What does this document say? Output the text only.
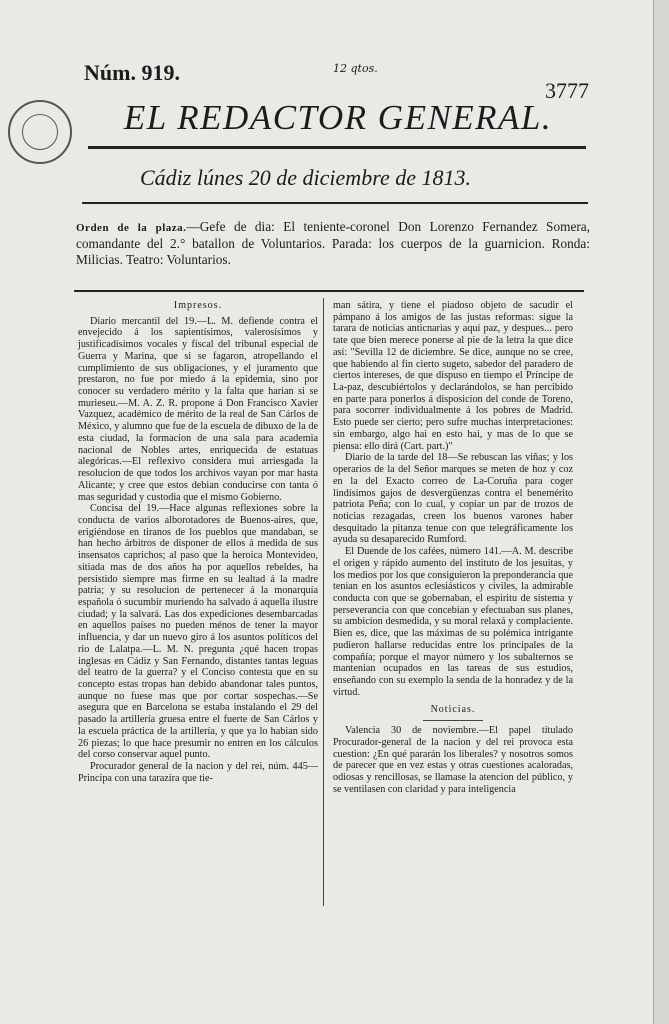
Núm. 919.	12 qtos.
3777
EL REDACTOR GENERAL.
Cádiz lúnes 20 de diciembre de 1813.
Orden de la plaza.—Gefe de dia: El teniente-coronel Don Lorenzo Fernandez Somera, comandante del 2.° batallon de Voluntarios. Parada: los cuerpos de la guarnicion. Ronda: Milicias. Teatro: Voluntarios.
Impresos.

Diario mercantil del 19.—L. M. defiende contra el envejecido á los sapientísimos, valerosísimos y justificadísimos vocales y fiscal del tribunal especial de Guerra y Marina, que si se fagaron, atropellando el cumplimiento de sus obligaciones, y el juramento que prestaron, no fue por miedo á la epidemia, sino por conocer su verdadero mérito y la falta que harian si se murieseu.—M. A. Z. R. propone á Don Francisco Xavier Vazquez, académico de mérito de la real de San Cárlos de México, y alumno que fue de la escuela de dibuxo de la de esta ciudad, la formacion de una sala para academia nacional de Nobles artes, enriquecida de estatuas alegóricas.—El reflexivo considera mui arriesgada la resolucion de que todos los archivos vayan por mar hasta Alicante; y cree que estos debian conducirse con tanta ó mas seguridad y custodia que el mismo Gobierno.

Concisa del 19.—Hace algunas reflexiones sobre la conducta de varios alborotadores de Buenos-aires, que, erigiéndose en tiranos de los pueblos que mandaban, se han hecho árbitros de disponer de ellos á medida de sus insensatos caprichos; al paso que la heroica Montevideo, sitiada mas de dos años ha por aquellos rebeldes, ha persistido siempre mas firme en su lealtad á la madre patria; y su resolucion de pertenecer á la monarquía española ó sucumbir muriendo ha salvado á aquella ilustre ciudad; y la salvará. Las dos expediciones desembarcadas en aquellos países no pueden ménos de tener la mayor influencia, y dar un nuevo giro á los asuntos políticos del rio de Lalatpa.—L. M. N. pregunta ¿qué hacen tropas inglesas en Cádiz y San Fernando, distantes tantas leguas del teatro de la guerra? y el Conciso contesta que en su concepto estas tropas han debido abandonar tales puntos, aunque no fuese mas que por cortar sospechas.—Se asegura que en Barcelona se estaba instalando el 29 del pasado la artillería gruesa entre el fuerte de San Cárlos y la escuela práctica de la artillería, y que ya lo habian sido 26 piezas; lo que hace presumir no entren en los cálculos del corso conservar aquel punto.

Procurador general de la nacion y del rei, núm. 445—Principa con una tarazira que tie-

man sátira, y tiene el piadoso objeto de sacudir el pámpano á los amigos de las justas reformas: sigue la tarara de noticias anticnarias y aquí paz, y despues... pero tate que bien merece ponerse al pie de la letra la que dice así: "Sevilla 12 de diciembre. Se dice, aunque no se cree, que habiendo al fin cierto sugeto, sabedor del paradero de ciertos intereses, de que dispuso en tiempo el Príncipe de La-paz, descubiértolos y declarándolos, se han percibido en parte para ponerlos á disposicion del conde de Toreno, para socorrer individualmente á los pobres de Madrid. Esto puede ser cierto; pero sufre muchas interpretaciones: sin embargo, algo hai en esto hai, y mas de lo que se piensa: ello dirá (Cart. part.)"

Diario de la tarde del 18—Se rebuscan las viñas; y los operarios de la del Señor marques se meten de hoz y coz en la del Exacto correo de La-Coruña para coger lindísimos gajos de desvergüenzas contra el benemérito patriota Peña; con lo cual, y copiar un par de trozos de noticias rezagadas, creen los buenos varones haber desquitado la pitanza tenue con que telegráficamente los ayuda su desaparecido Rumford.

El Duende de los cafées, número 141.—A. M. describe el origen y rápido aumento del instituto de los jesuitas, y los medios por los que consiguieron la preponderancia que tenian en los asuntos eclesiásticos y civiles, la admirable conducta con que se gobernaban, el espíritu de sistema y perseverancia con que concebian y efectuaban sus planes, su ambicion desmedida, y su moral relaxá y complaciente. Bien es, dice, que las máximas de su polémica intrigante pudieron hallarse reducidas entre los principales de la compañía; porque el mayor número y los subalternos se mantenian ocupados en las tareas de sus estudios, enseñando con su exemplo la senda de la honradez y de la virtud.

Noticias.

Valencia 30 de noviembre.—El papel titulado Procurador-general de la nacion y del rei provoca esta cuestion: ¿En qué pararán los liberales? y nosotros somos de parecer que en vez estas y otras cuestiones acaloradas, odiosas y rencillosas, se llamase la atencion del público, y se ventilasen con claridad y para inteligencia
